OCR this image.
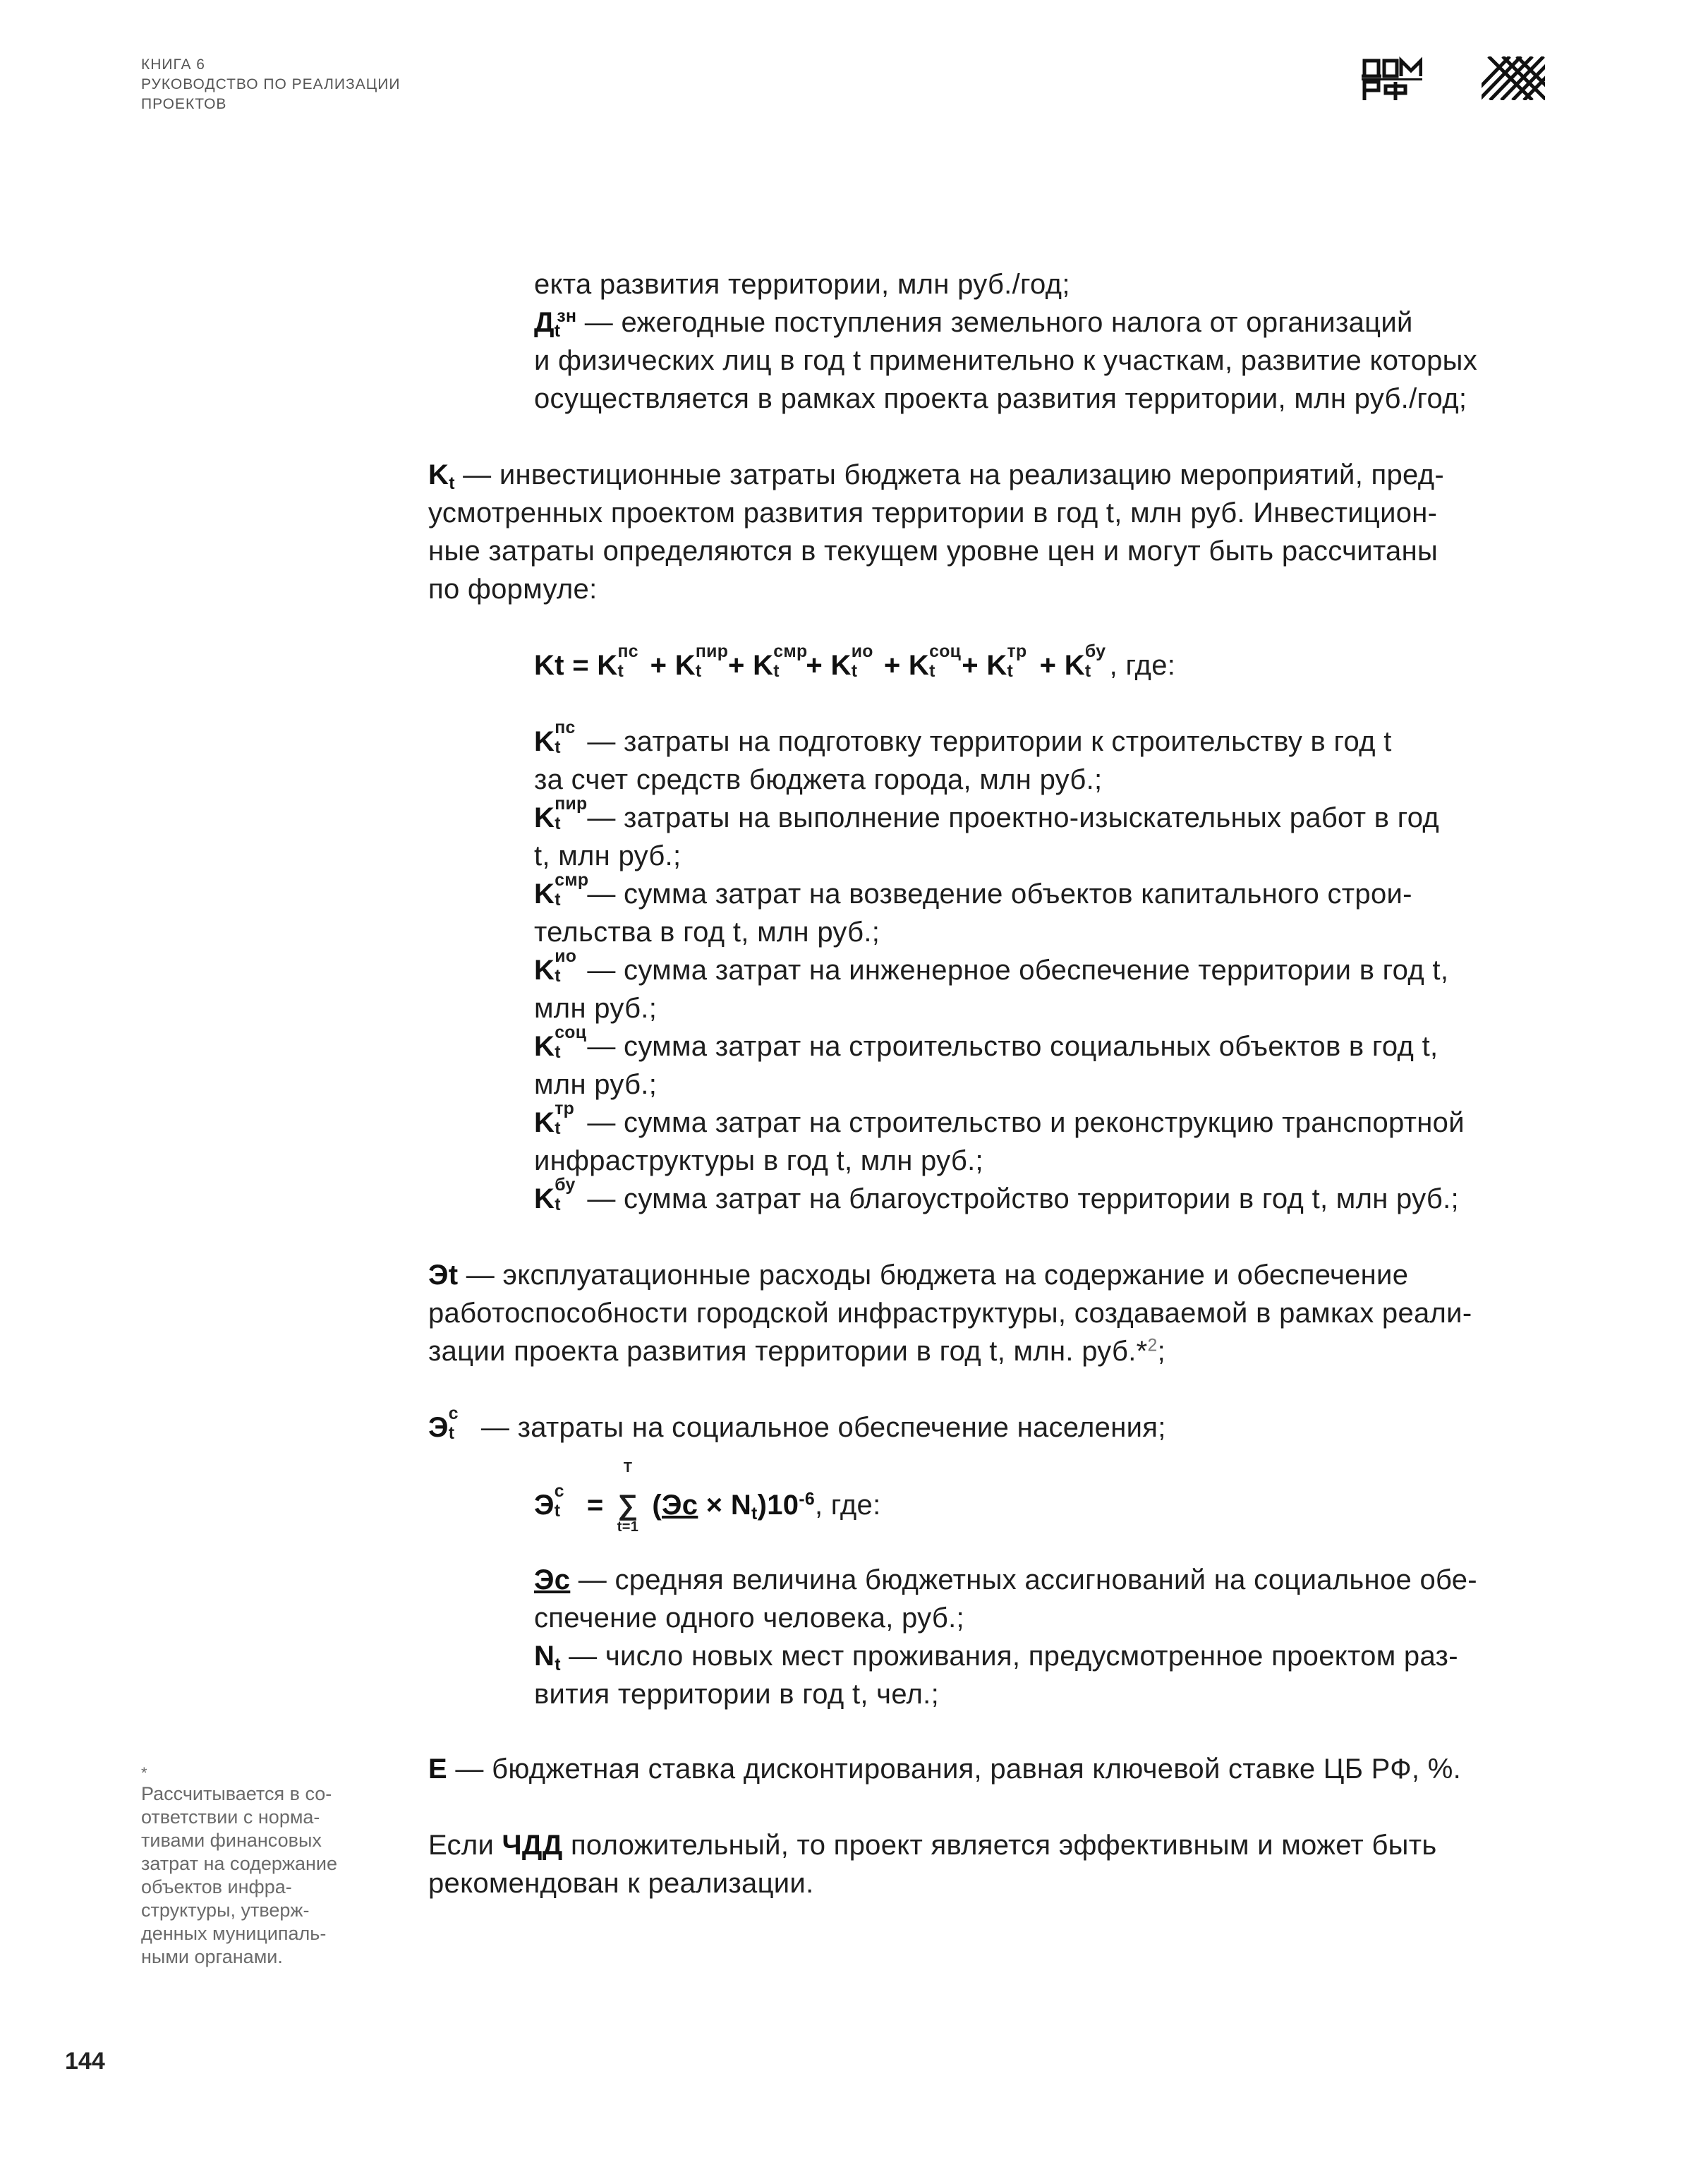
КНИГА 6
РУКОВОДСТВО ПО РЕАЛИЗАЦИИ
ПРОЕКТОВ

екта развития территории, млн руб./год;

$Д_t^{зн}$ — ежегодные поступления земельного налога от организаций

и физических лиц в год t применительно к участкам, развитие которых

осуществляется в рамках проекта развития территории, млн руб./год;

$K_t$ — инвестиционные затраты бюджета на реализацию мероприятий, пред-

усмотренных проектом развития территории в год t, млн руб. Инвестицион-

ные затраты определяются в текущем уровне цен и могут быть рассчитаны

по формуле:

Kt = K пс
t + K пир
t + K смр
t + K ио
t + K соц
t + K тр
t + K бу
t , где:

K пс
t — затраты на подготовку территории к строительству в год t

за счет средств бюджета города, млн руб.;

K пир
t — затраты на выполнение проектно-изыскательных работ в год

t, млн руб.;

K смр
t — сумма затрат на возведение объектов капитального строи-

тельства в год t, млн руб.;

K ио
t — сумма затрат на инженерное обеспечение территории в год t,

млн руб.;

K соц
t — сумма затрат на строительство социальных объектов в год t,

млн руб.;

K тр
t — сумма затрат на строительство и реконструкцию транспортной

инфраструктуры в год t, млн руб.;

K бу
t — сумма затрат на благоустройство территории в год t, млн руб.;

Эt — эксплуатационные расходы бюджета на содержание и обеспечение

работоспособности городской инфраструктуры, создаваемой в рамках реали-

зации проекта развития территории в год t, млн. руб.*$^2$;

Э с
t — затраты на социальное обеспечение населения;

Э с
t =
T
∑
t=1
$(Эс \times N_t)10^{-6}$, где:

Эс — средняя величина бюджетных ассигнований на социальное обе-

спечение одного человека, руб.;

$N_t$ — число новых мест проживания, предусмотренное проектом раз-

вития территории в год t, чел.;

Е — бюджетная ставка дисконтирования, равная ключевой ставке ЦБ РФ, %.

Если ЧДД положительный, то проект является эффективным и может быть

рекомендован к реализации.

*
Рассчитывается в со-
ответствии с норма-
тивами финансовых
затрат на содержание
объектов инфра-
структуры, утверж-
денных муниципаль-
ными органами.
144
